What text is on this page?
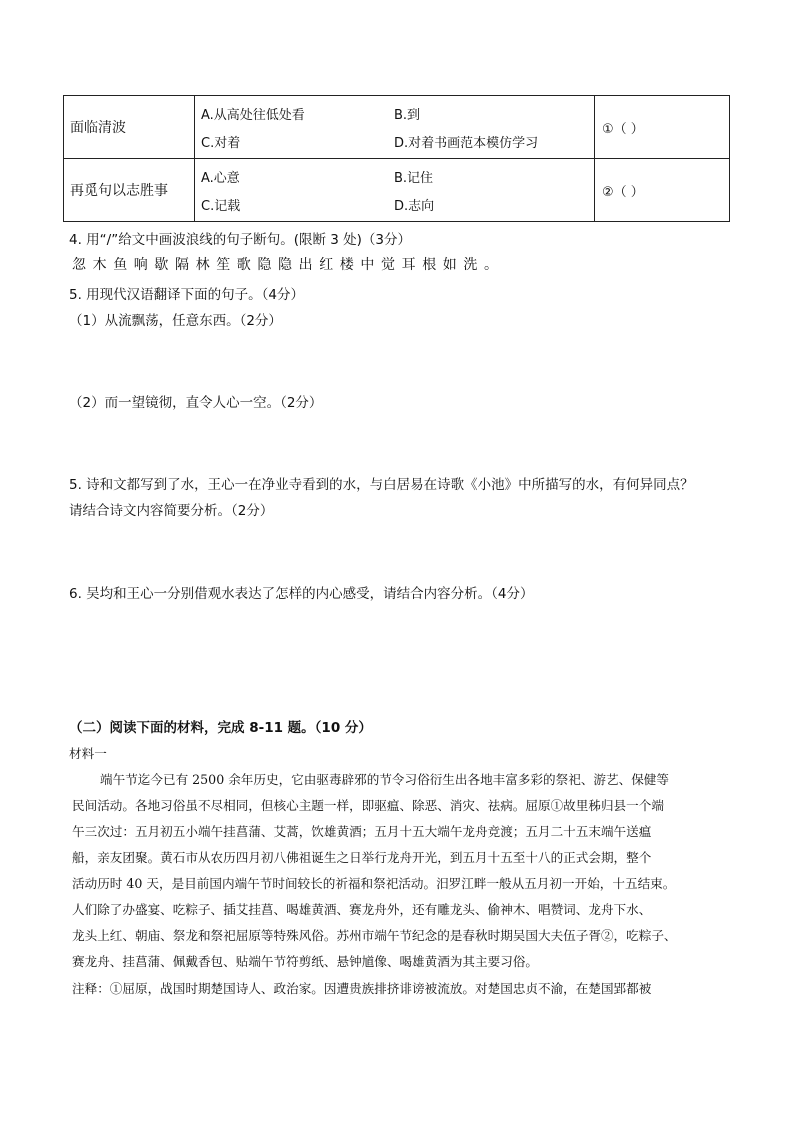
面临清波	A.从高处往低处看 B.到
C.对着 D.对着书画范本模仿学习	①（ ）
再觅句以志胜事	A.心意 B.记住
C.记载 D.志向	②（ ）
4. 用“/”给文中画波浪线的句子断句。(限断 3 处)（3分）
忽木鱼响歇隔林笙歌隐隐出红楼中觉耳根如洗。
5. 用现代汉语翻译下面的句子。（4分）
（1）从流飘荡，任意东西。（2分）
（2）而一望镜彻，直令人心一空。（2分）
5. 诗和文都写到了水，王心一在净业寺看到的水，与白居易在诗歌《小池》中所描写的水，有何异同点？
请结合诗文内容简要分析。（2分）
6. 吴均和王心一分别借观水表达了怎样的内心感受，请结合内容分析。（4分）
（二）阅读下面的材料，完成 8-11 题。（10 分）
材料一
端午节迄今已有 2500 余年历史，它由驱毒辟邪的节令习俗衍生出各地丰富多彩的祭祀、游艺、保健等
民间活动。各地习俗虽不尽相同，但核心主题一样，即驱瘟、除恶、消灾、祛病。屈原①故里秭归县一个端
午三次过：五月初五小端午挂菖蒲、艾蒿，饮雄黄酒；五月十五大端午龙舟竞渡；五月二十五末端午送瘟
船，亲友团聚。黄石市从农历四月初八佛祖诞生之日举行龙舟开光，到五月十五至十八的正式会期，整个
活动历时 40 天，是目前国内端午节时间较长的祈福和祭祀活动。汨罗江畔一般从五月初一开始，十五结束。
人们除了办盛宴、吃粽子、插艾挂菖、喝雄黄酒、赛龙舟外，还有雕龙头、偷神木、唱赞词、龙舟下水、
龙头上红、朝庙、祭龙和祭祀屈原等特殊风俗。苏州市端午节纪念的是春秋时期吴国大夫伍子胥②，吃粽子、
赛龙舟、挂菖蒲、佩戴香包、贴端午节符剪纸、悬钟馗像、喝雄黄酒为其主要习俗。
注释：①屈原，战国时期楚国诗人、政治家。因遭贵族排挤诽谤被流放。对楚国忠贞不渝，在楚国郢都被
